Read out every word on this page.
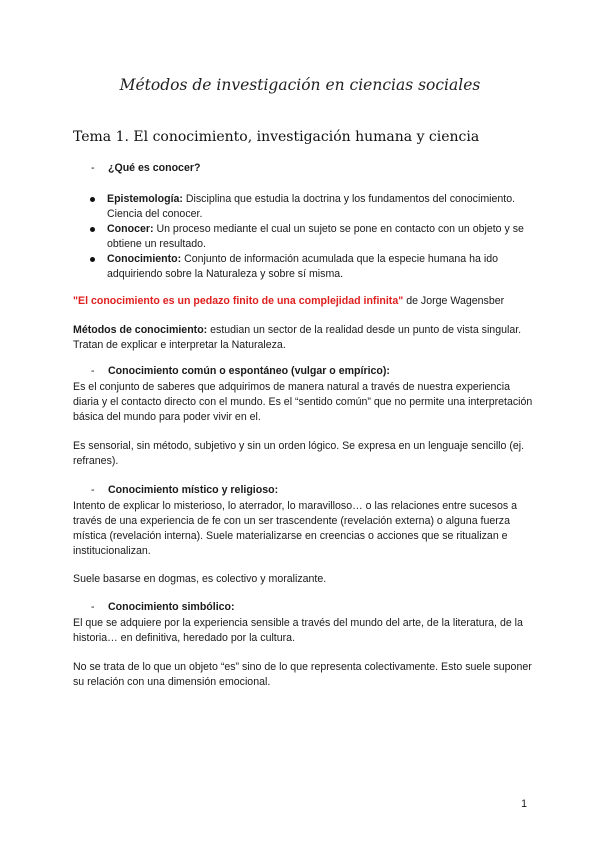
Métodos de investigación en ciencias sociales
Tema 1. El conocimiento, investigación humana y ciencia
- ¿Qué es conocer?
Epistemología: Disciplina que estudia la doctrina y los fundamentos del conocimiento. Ciencia del conocer.
Conocer: Un proceso mediante el cual un sujeto se pone en contacto con un objeto y se obtiene un resultado.
Conocimiento: Conjunto de información acumulada que la especie humana ha ido adquiriendo sobre la Naturaleza y sobre sí misma.

"El conocimiento es un pedazo finito de una complejidad infinita" de Jorge Wagensber

Métodos de conocimiento: estudian un sector de la realidad desde un punto de vista singular. Tratan de explicar e interpretar la Naturaleza.

- Conocimiento común o espontáneo (vulgar o empírico):

Es el conjunto de saberes que adquirimos de manera natural a través de nuestra experiencia diaria y el contacto directo con el mundo. Es el “sentido común” que no permite una interpretación básica del mundo para poder vivir en el.

Es sensorial, sin método, subjetivo y sin un orden lógico. Se expresa en un lenguaje sencillo (ej. refranes).

- Conocimiento místico y religioso:

Intento de explicar lo misterioso, lo aterrador, lo maravilloso… o las relaciones entre sucesos a través de una experiencia de fe con un ser trascendente (revelación externa) o alguna fuerza mística (revelación interna). Suele materializarse en creencias o acciones que se ritualizan e institucionalizan.

Suele basarse en dogmas, es colectivo y moralizante.

- Conocimiento simbólico:

El que se adquiere por la experiencia sensible a través del mundo del arte, de la literatura, de la historia… en definitiva, heredado por la cultura.

No se trata de lo que un objeto “es” sino de lo que representa colectivamente. Esto suele suponer su relación con una dimensión emocional.

1
